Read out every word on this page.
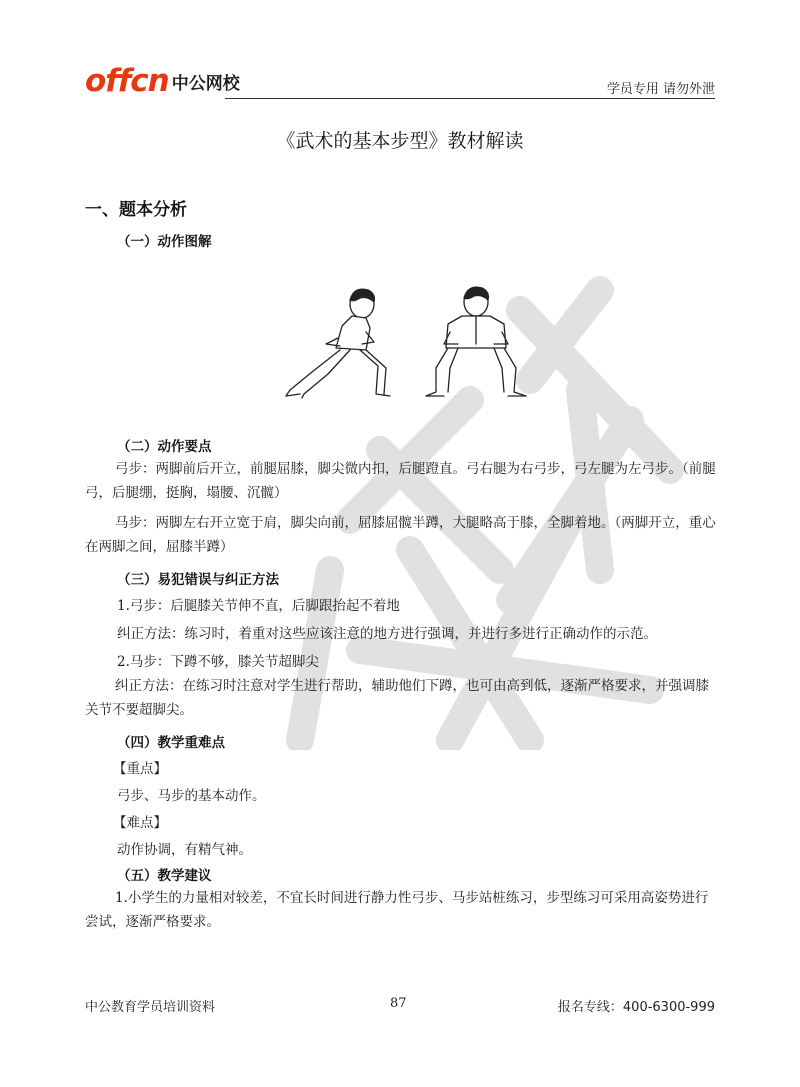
offcn 中公网校	学员专用 请勿外泄
《武术的基本步型》教材解读
一、题本分析
（一）动作图解
（二）动作要点
弓步：两脚前后开立，前腿屈膝，脚尖微内扣，后腿蹬直。弓右腿为右弓步，弓左腿为左弓步。（前腿弓，后腿绷，挺胸，塌腰、沉髋）
马步：两脚左右开立宽于肩，脚尖向前，屈膝屈髋半蹲，大腿略高于膝，全脚着地。（两脚开立，重心在两脚之间，屈膝半蹲）
（三）易犯错误与纠正方法
1.弓步：后腿膝关节伸不直，后脚跟抬起不着地
纠正方法：练习时，着重对这些应该注意的地方进行强调，并进行多进行正确动作的示范。
2.马步：下蹲不够，膝关节超脚尖
纠正方法：在练习时注意对学生进行帮助，辅助他们下蹲，也可由高到低，逐渐严格要求，并强调膝关节不要超脚尖。
（四）教学重难点
【重点】
弓步、马步的基本动作。
【难点】
动作协调，有精气神。
（五）教学建议
1.小学生的力量相对较差，不宜长时间进行静力性弓步、马步站桩练习，步型练习可采用高姿势进行尝试，逐渐严格要求。
中公教育学员培训资料	87	报名专线：400-6300-999
